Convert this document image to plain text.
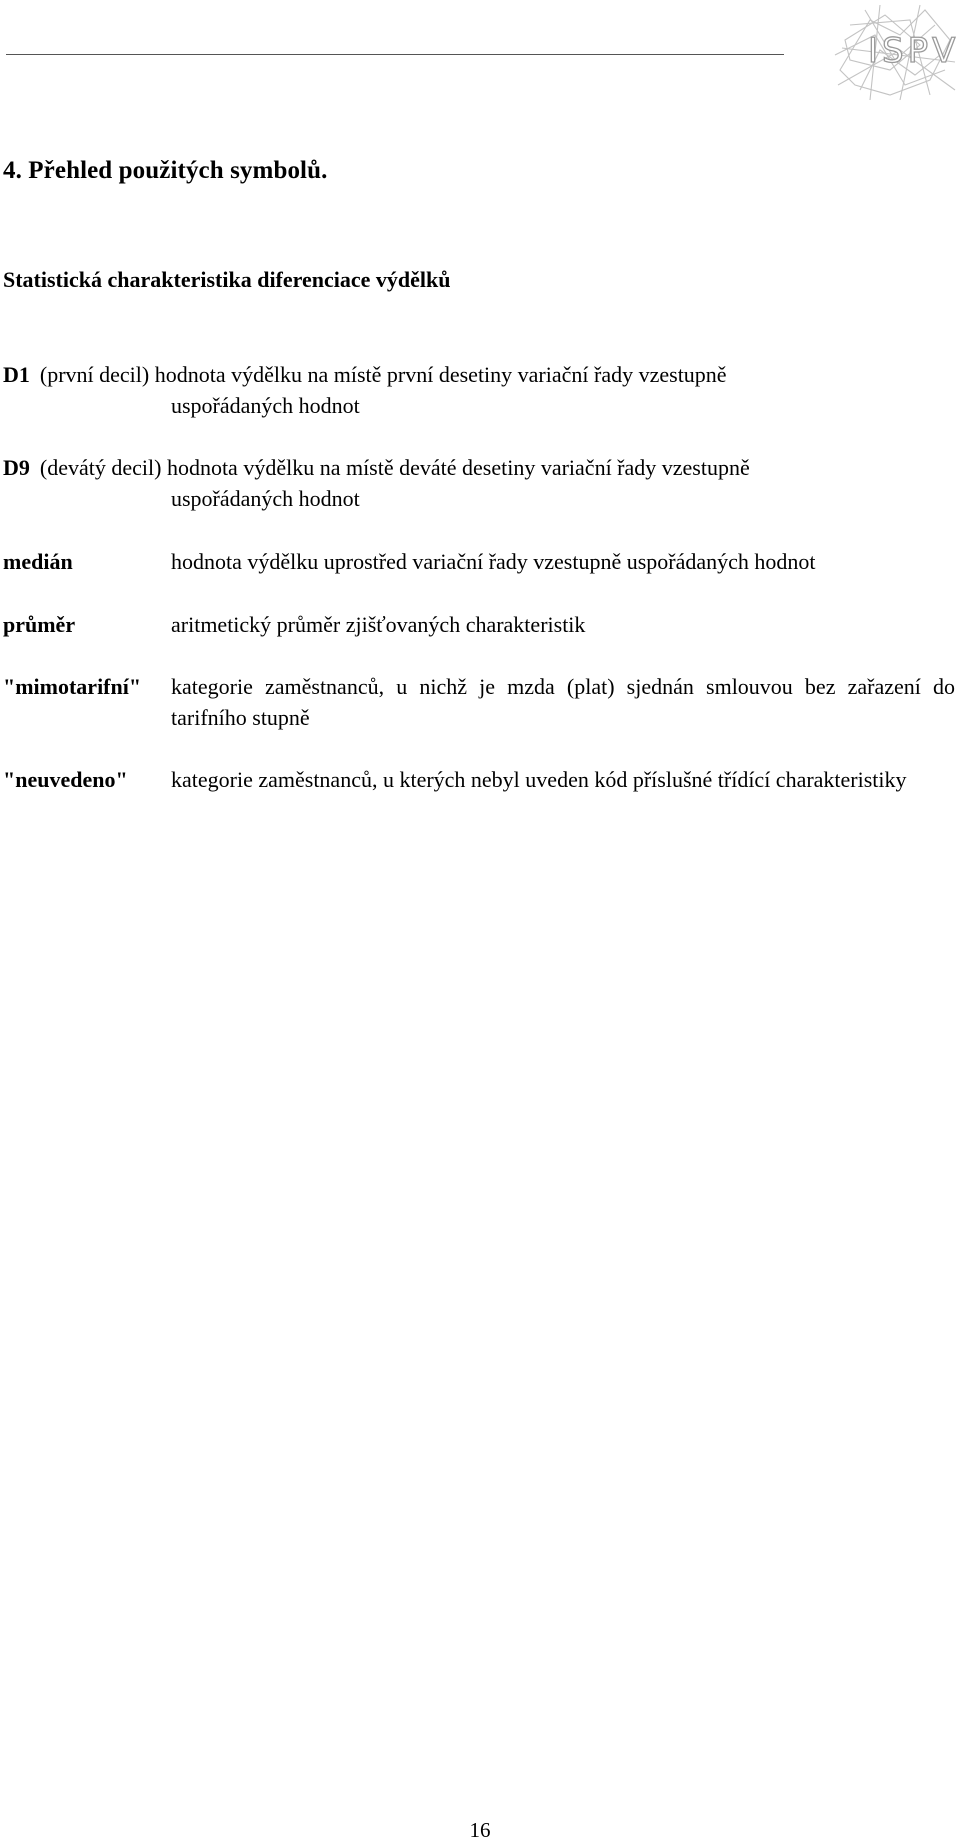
ISPV
4. Přehled použitých symbolů.
Statistická charakteristika diferenciace výdělků
D1 (první decil) hodnota výdělku na místě první desetiny variační řady vzestupně
uspořádaných hodnot
D9 (devátý decil) hodnota výdělku na místě deváté desetiny variační řady vzestupně
uspořádaných hodnot
medián	hodnota výdělku uprostřed variační řady vzestupně uspořádaných hodnot
průměr	aritmetický průměr zjišťovaných charakteristik
"mimotarifní"	kategorie zaměstnanců, u nichž je mzda (plat) sjednán smlouvou bez zařazení do tarifního stupně
"neuvedeno"	kategorie zaměstnanců, u kterých nebyl uveden kód příslušné třídící charakteristiky
16
